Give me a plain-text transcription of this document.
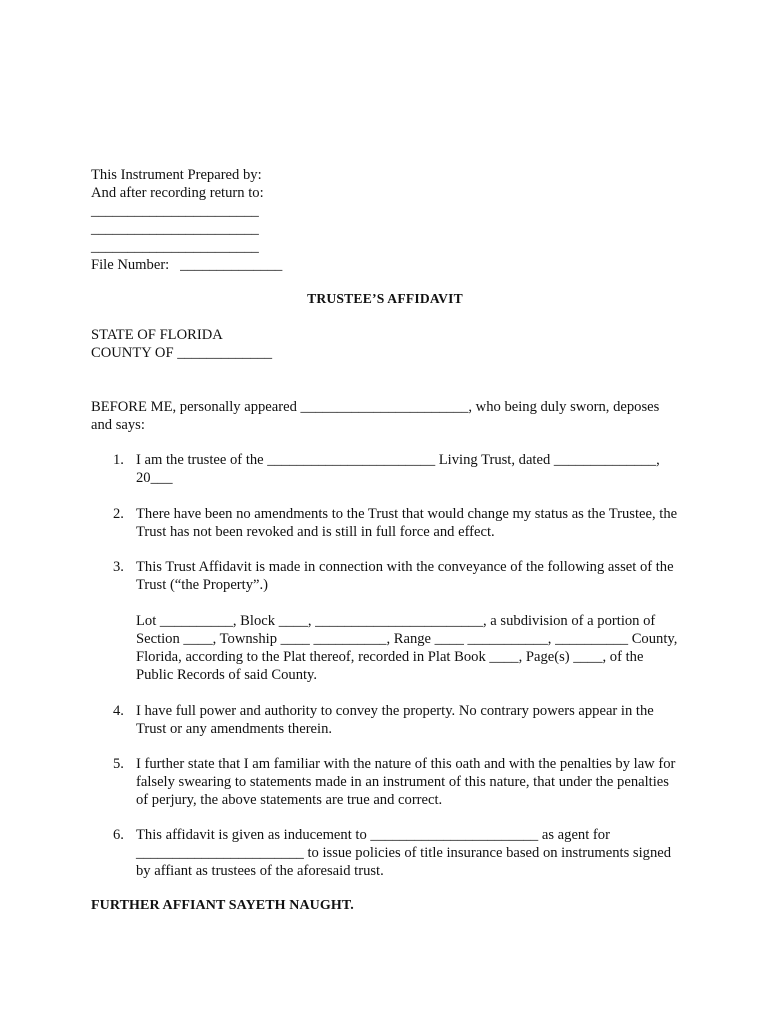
This Instrument Prepared by:
And after recording return to:
_______________________
_______________________
_______________________
File Number:   ______________
TRUSTEE’S AFFIDAVIT
STATE OF FLORIDA
COUNTY OF _____________
BEFORE ME, personally appeared _______________________, who being duly sworn, deposes and says:
1. I am the trustee of the _______________________ Living Trust, dated ______________, 20___
2. There have been no amendments to the Trust that would change my status as the Trustee, the Trust has not been revoked and is still in full force and effect.
3. This Trust Affidavit is made in connection with the conveyance of the following asset of the Trust (“the Property”.)
Lot __________, Block ____, _______________________, a subdivision of a portion of Section ____, Township ____ __________, Range ____ ___________, __________ County, Florida, according to the Plat thereof, recorded in Plat Book ____, Page(s) ____, of the Public Records of said County.
4. I have full power and authority to convey the property. No contrary powers appear in the Trust or any amendments therein.
5. I further state that I am familiar with the nature of this oath and with the penalties by law for falsely swearing to statements made in an instrument of this nature, that under the penalties of perjury, the above statements are true and correct.
6. This affidavit is given as inducement to _______________________ as agent for _______________________ to issue policies of title insurance based on instruments signed by affiant as trustees of the aforesaid trust.
FURTHER AFFIANT SAYETH NAUGHT.
